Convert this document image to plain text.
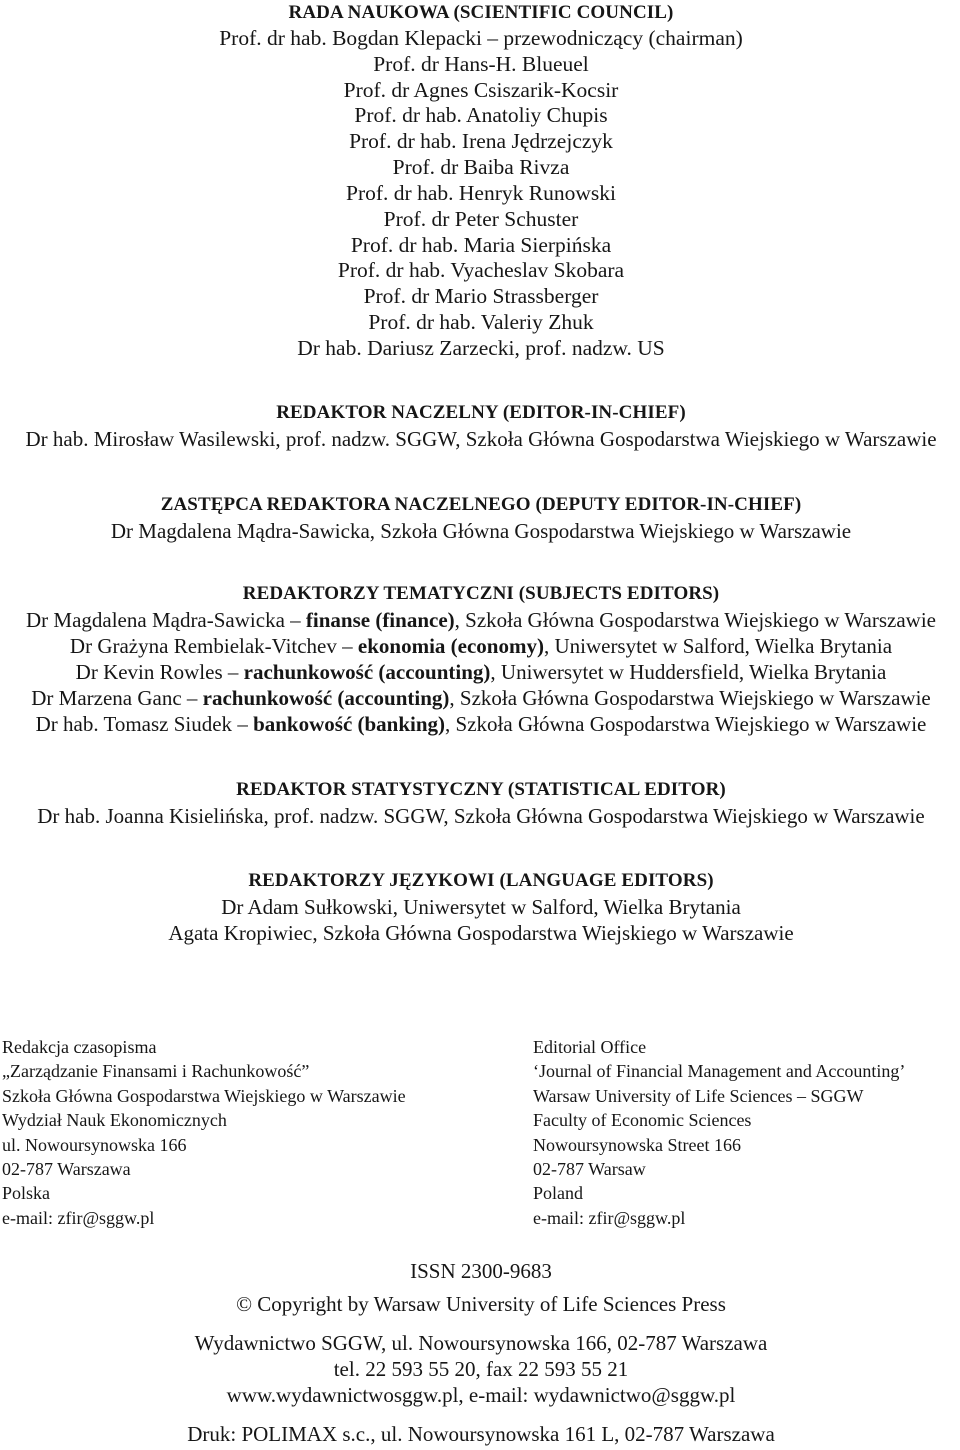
RADA NAUKOWA (SCIENTIFIC COUNCIL)
Prof. dr hab. Bogdan Klepacki – przewodniczący (chairman)
Prof. dr Hans-H. Blueuel
Prof. dr Agnes Csiszarik-Kocsir
Prof. dr hab. Anatoliy Chupis
Prof. dr hab. Irena Jędrzejczyk
Prof. dr Baiba Rivza
Prof. dr hab. Henryk Runowski
Prof. dr Peter Schuster
Prof. dr hab. Maria Sierpińska
Prof. dr hab. Vyacheslav Skobara
Prof. dr Mario Strassberger
Prof. dr hab. Valeriy Zhuk
Dr hab. Dariusz Zarzecki, prof. nadzw. US
REDAKTOR NACZELNY (EDITOR-IN-CHIEF)
Dr hab. Mirosław Wasilewski, prof. nadzw. SGGW, Szkoła Główna Gospodarstwa Wiejskiego w Warszawie
ZASTĘPCA REDAKTORA NACZELNEGO (DEPUTY EDITOR-IN-CHIEF)
Dr Magdalena Mądra-Sawicka, Szkoła Główna Gospodarstwa Wiejskiego w Warszawie
REDAKTORZY TEMATYCZNI (SUBJECTS EDITORS)
Dr Magdalena Mądra-Sawicka – finanse (finance), Szkoła Główna Gospodarstwa Wiejskiego w Warszawie
Dr Grażyna Rembielak-Vitchev – ekonomia (economy), Uniwersytet w Salford, Wielka Brytania
Dr Kevin Rowles – rachunkowość (accounting), Uniwersytet w Huddersfield, Wielka Brytania
Dr Marzena Ganc – rachunkowość (accounting), Szkoła Główna Gospodarstwa Wiejskiego w Warszawie
Dr hab. Tomasz Siudek – bankowość (banking), Szkoła Główna Gospodarstwa Wiejskiego w Warszawie
REDAKTOR STATYSTYCZNY (STATISTICAL EDITOR)
Dr hab. Joanna Kisielińska, prof. nadzw. SGGW, Szkoła Główna Gospodarstwa Wiejskiego w Warszawie
REDAKTORZY JĘZYKOWI (LANGUAGE EDITORS)
Dr Adam Sułkowski, Uniwersytet w Salford, Wielka Brytania
Agata Kropiwiec, Szkoła Główna Gospodarstwa Wiejskiego w Warszawie
Redakcja czasopisma
„Zarządzanie Finansami i Rachunkowość”
Szkoła Główna Gospodarstwa Wiejskiego w Warszawie
Wydział Nauk Ekonomicznych
ul. Nowoursynowska 166
02-787 Warszawa
Polska
e-mail: zfir@sggw.pl
Editorial Office
‘Journal of Financial Management and Accounting’
Warsaw University of Life Sciences – SGGW
Faculty of Economic Sciences
Nowoursynowska Street 166
02-787 Warsaw
Poland
e-mail: zfir@sggw.pl
ISSN 2300-9683
© Copyright by Warsaw University of Life Sciences Press
Wydawnictwo SGGW, ul. Nowoursynowska 166, 02-787 Warszawa
tel. 22 593 55 20, fax 22 593 55 21
www.wydawnictwosggw.pl, e-mail: wydawnictwo@sggw.pl
Druk: POLIMAX s.c., ul. Nowoursynowska 161 L, 02-787 Warszawa
